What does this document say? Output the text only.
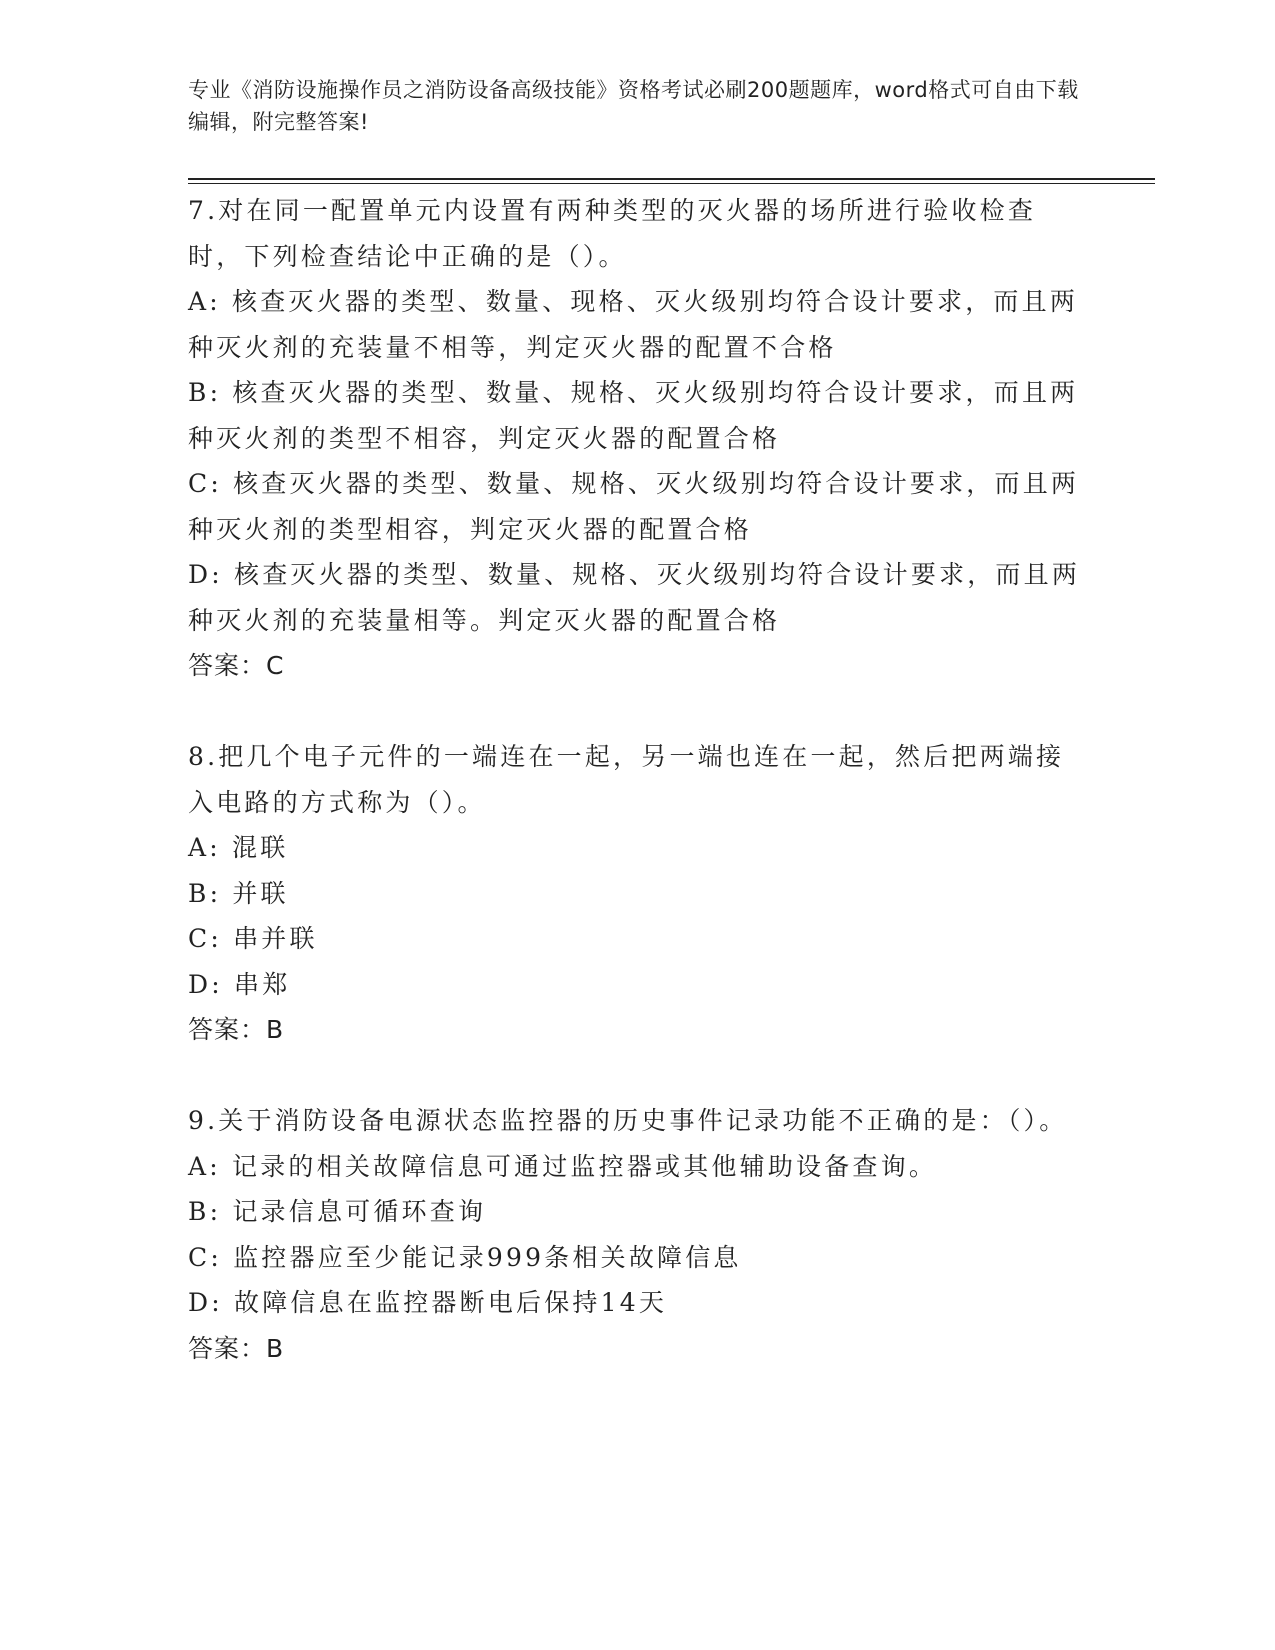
专业《消防设施操作员之消防设备高级技能》资格考试必刷200题题库，word格式可自由下载编辑，附完整答案!

7.对在同一配置单元内设置有两种类型的灭火器的场所进行验收检查时，下列检查结论中正确的是（）。

A: 核查灭火器的类型、数量、现格、灭火级别均符合设计要求，而且两种灭火剂的充装量不相等，判定灭火器的配置不合格

B: 核查灭火器的类型、数量、规格、灭火级别均符合设计要求，而且两种灭火剂的类型不相容，判定灭火器的配置合格

C: 核查灭火器的类型、数量、规格、灭火级别均符合设计要求，而且两种灭火剂的类型相容，判定灭火器的配置合格

D: 核查灭火器的类型、数量、规格、灭火级别均符合设计要求，而且两种灭火剂的充装量相等。判定灭火器的配置合格

答案：C

8.把几个电子元件的一端连在一起，另一端也连在一起，然后把两端接入电路的方式称为（）。

A: 混联

B: 并联

C: 串并联

D: 串郑

答案：B

9.关于消防设备电源状态监控器的历史事件记录功能不正确的是：（）。

A: 记录的相关故障信息可通过监控器或其他辅助设备查询。

B: 记录信息可循环查询

C: 监控器应至少能记录999条相关故障信息

D: 故障信息在监控器断电后保持14天

答案：B
